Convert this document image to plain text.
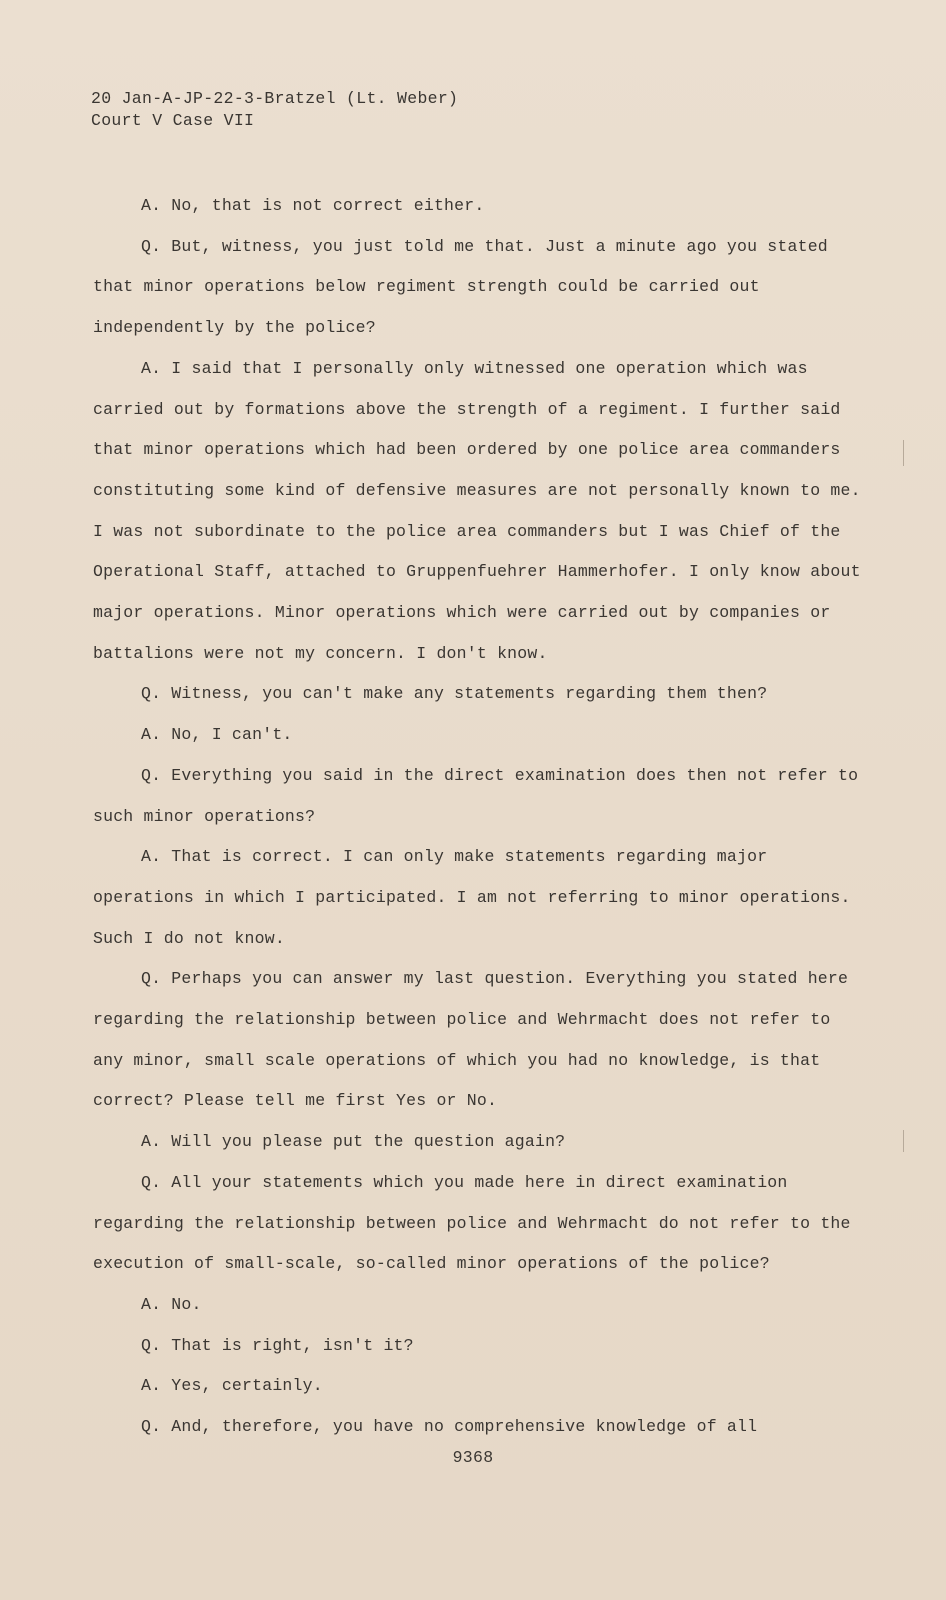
20 Jan-A-JP-22-3-Bratzel (Lt. Weber)
Court V Case VII

A. No, that is not correct either.

Q. But, witness, you just told me that. Just a minute ago you stated that minor operations below regiment strength could be carried out independently by the police?

A. I said that I personally only witnessed one operation which was carried out by formations above the strength of a regiment. I further said that minor operations which had been ordered by one police area commanders constituting some kind of defensive measures are not personally known to me. I was not subordinate to the police area commanders but I was Chief of the Operational Staff, attached to Gruppenfuehrer Hammerhofer. I only know about major operations. Minor operations which were carried out by companies or battalions were not my concern. I don't know.

Q. Witness, you can't make any statements regarding them then?

A. No, I can't.

Q. Everything you said in the direct examination does then not refer to such minor operations?

A. That is correct. I can only make statements regarding major operations in which I participated. I am not referring to minor operations. Such I do not know.

Q. Perhaps you can answer my last question. Everything you stated here regarding the relationship between police and Wehrmacht does not refer to any minor, small scale operations of which you had no knowledge, is that correct? Please tell me first Yes or No.

A. Will you please put the question again?

Q. All your statements which you made here in direct examination regarding the relationship between police and Wehrmacht do not refer to the execution of small-scale, so-called minor operations of the police?

A. No.

Q. That is right, isn't it?

A. Yes, certainly.

Q. And, therefore, you have no comprehensive knowledge of all

9368
